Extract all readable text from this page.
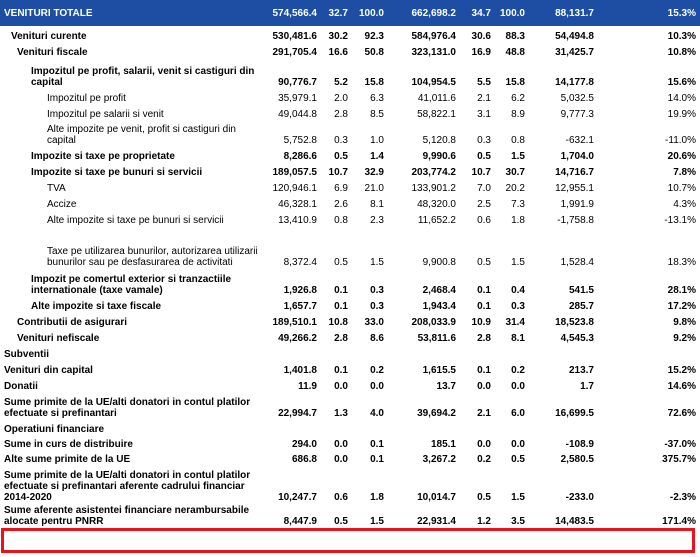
VENITURI TOTALE	574,566.4	32.7	100.0	662,698.2	34.7	100.0	88,131.7	15.3%
Venituri curente	530,481.6	30.2	92.3	584,976.4	30.6	88.3	54,494.8	10.3%
Venituri fiscale	291,705.4	16.6	50.8	323,131.0	16.9	48.8	31,425.7	10.8%
Impozitul pe profit, salarii, venit si castiguri din capital	90,776.7	5.2	15.8	104,954.5	5.5	15.8	14,177.8	15.6%
Impozitul pe profit	35,979.1	2.0	6.3	41,011.6	2.1	6.2	5,032.5	14.0%
Impozitul pe salarii si venit	49,044.8	2.8	8.5	58,822.1	3.1	8.9	9,777.3	19.9%
Alte impozite pe venit, profit si castiguri din capital	5,752.8	0.3	1.0	5,120.8	0.3	0.8	-632.1	-11.0%
Impozite si taxe pe proprietate	8,286.6	0.5	1.4	9,990.6	0.5	1.5	1,704.0	20.6%
Impozite si taxe pe bunuri si servicii	189,057.5	10.7	32.9	203,774.2	10.7	30.7	14,716.7	7.8%
TVA	120,946.1	6.9	21.0	133,901.2	7.0	20.2	12,955.1	10.7%
Accize	46,328.1	2.6	8.1	48,320.0	2.5	7.3	1,991.9	4.3%
Alte impozite si taxe pe bunuri si servicii	13,410.9	0.8	2.3	11,652.2	0.6	1.8	-1,758.8	-13.1%
Taxe pe utilizarea bunurilor, autorizarea utilizarii bunurilor sau pe desfasurarea de activitati	8,372.4	0.5	1.5	9,900.8	0.5	1.5	1,528.4	18.3%
Impozit pe comertul exterior si tranzactiile internationale (taxe vamale)	1,926.8	0.1	0.3	2,468.4	0.1	0.4	541.5	28.1%
Alte impozite si taxe fiscale	1,657.7	0.1	0.3	1,943.4	0.1	0.3	285.7	17.2%
Contributii de asigurari	189,510.1	10.8	33.0	208,033.9	10.9	31.4	18,523.8	9.8%
Venituri nefiscale	49,266.2	2.8	8.6	53,811.6	2.8	8.1	4,545.3	9.2%
Subventii								
Venituri din capital	1,401.8	0.1	0.2	1,615.5	0.1	0.2	213.7	15.2%
Donatii	11.9	0.0	0.0	13.7	0.0	0.0	1.7	14.6%
Sume primite de la UE/alti donatori in contul platilor efectuate si prefinantari	22,994.7	1.3	4.0	39,694.2	2.1	6.0	16,699.5	72.6%
Operatiuni financiare								
Sume in curs de distribuire	294.0	0.0	0.1	185.1	0.0	0.0	-108.9	-37.0%
Alte sume primite de la UE	686.8	0.0	0.1	3,267.2	0.2	0.5	2,580.5	375.7%
Sume primite de la UE/alti donatori in contul platilor efectuate si prefinantari aferente cadrului financiar 2014-2020	10,247.7	0.6	1.8	10,014.7	0.5	1.5	-233.0	-2.3%
Sume aferente asistentei financiare nerambursabile alocate pentru PNRR	8,447.9	0.5	1.5	22,931.4	1.2	3.5	14,483.5	171.4%
